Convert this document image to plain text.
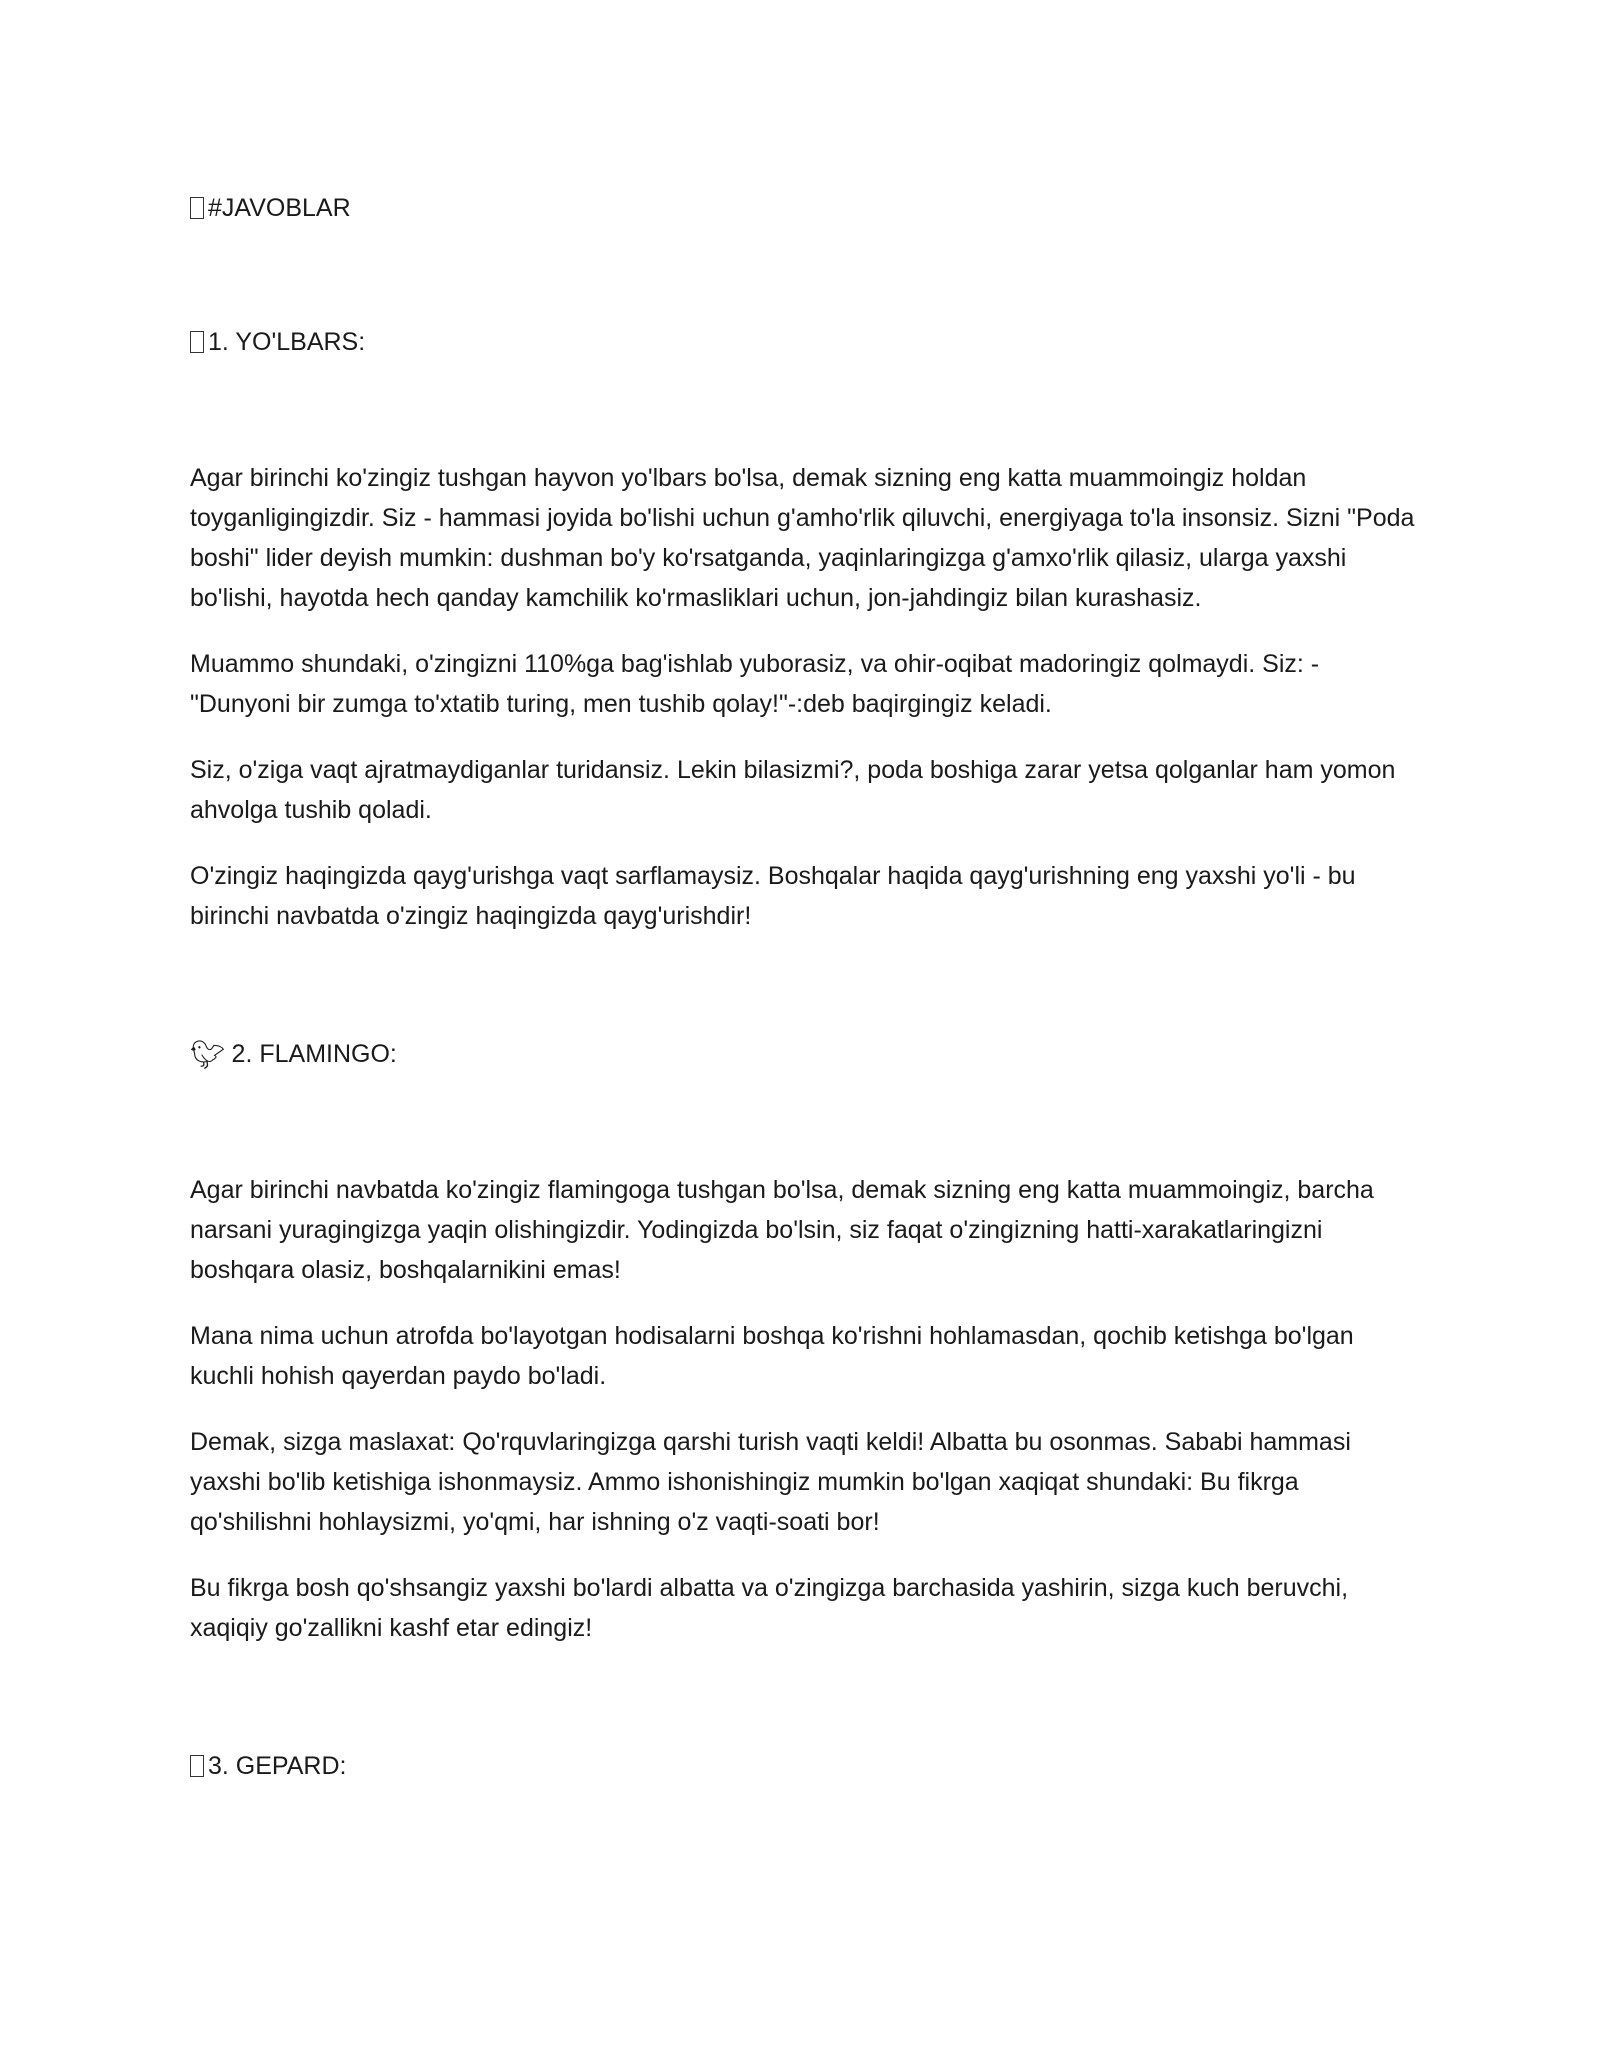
#JAVOBLAR

1. YO'LBARS:

Agar birinchi ko'zingiz tushgan hayvon yo'lbars bo'lsa, demak sizning eng katta muammoingiz holdan toyganligingizdir. Siz - hammasi joyida bo'lishi uchun g'amho'rlik qiluvchi, energiyaga to'la insonsiz. Sizni "Poda boshi" lider deyish mumkin: dushman bo'y ko'rsatganda, yaqinlaringizga g'amxo'rlik qilasiz, ularga yaxshi bo'lishi, hayotda hech qanday kamchilik ko'rmasliklari uchun, jon-jahdingiz bilan kurashasiz.

Muammo shundaki, o'zingizni 110%ga bag'ishlab yuborasiz, va ohir-oqibat madoringiz qolmaydi. Siz: - "Dunyoni bir zumga to'xtatib turing, men tushib qolay!"-:deb baqirgingiz keladi.

Siz, o'ziga vaqt ajratmaydiganlar turidansiz. Lekin bilasizmi?, poda boshiga zarar yetsa qolganlar ham yomon ahvolga tushib qoladi.

O'zingiz haqingizda qayg'urishga vaqt sarflamaysiz. Boshqalar haqida qayg'urishning eng yaxshi yo'li - bu birinchi navbatda o'zingiz haqingizda qayg'urishdir!

🐦︎ 2. FLAMINGO:

Agar birinchi navbatda ko'zingiz flamingoga tushgan bo'lsa, demak sizning eng katta muammoingiz, barcha narsani yuragingizga yaqin olishingizdir. Yodingizda bo'lsin, siz faqat o'zingizning hatti-xarakatlaringizni boshqara olasiz, boshqalarnikini emas!

Mana nima uchun atrofda bo'layotgan hodisalarni boshqa ko'rishni hohlamasdan, qochib ketishga bo'lgan kuchli hohish qayerdan paydo bo'ladi.

Demak, sizga maslaxat: Qo'rquvlaringizga qarshi turish vaqti keldi! Albatta bu osonmas. Sababi hammasi yaxshi bo'lib ketishiga ishonmaysiz. Ammo ishonishingiz mumkin bo'lgan xaqiqat shundaki: Bu fikrga qo'shilishni hohlaysizmi, yo'qmi, har ishning o'z vaqti-soati bor!

Bu fikrga bosh qo'shsangiz yaxshi bo'lardi albatta va o'zingizga barchasida yashirin, sizga kuch beruvchi, xaqiqiy go'zallikni kashf etar edingiz!

3. GEPARD:
